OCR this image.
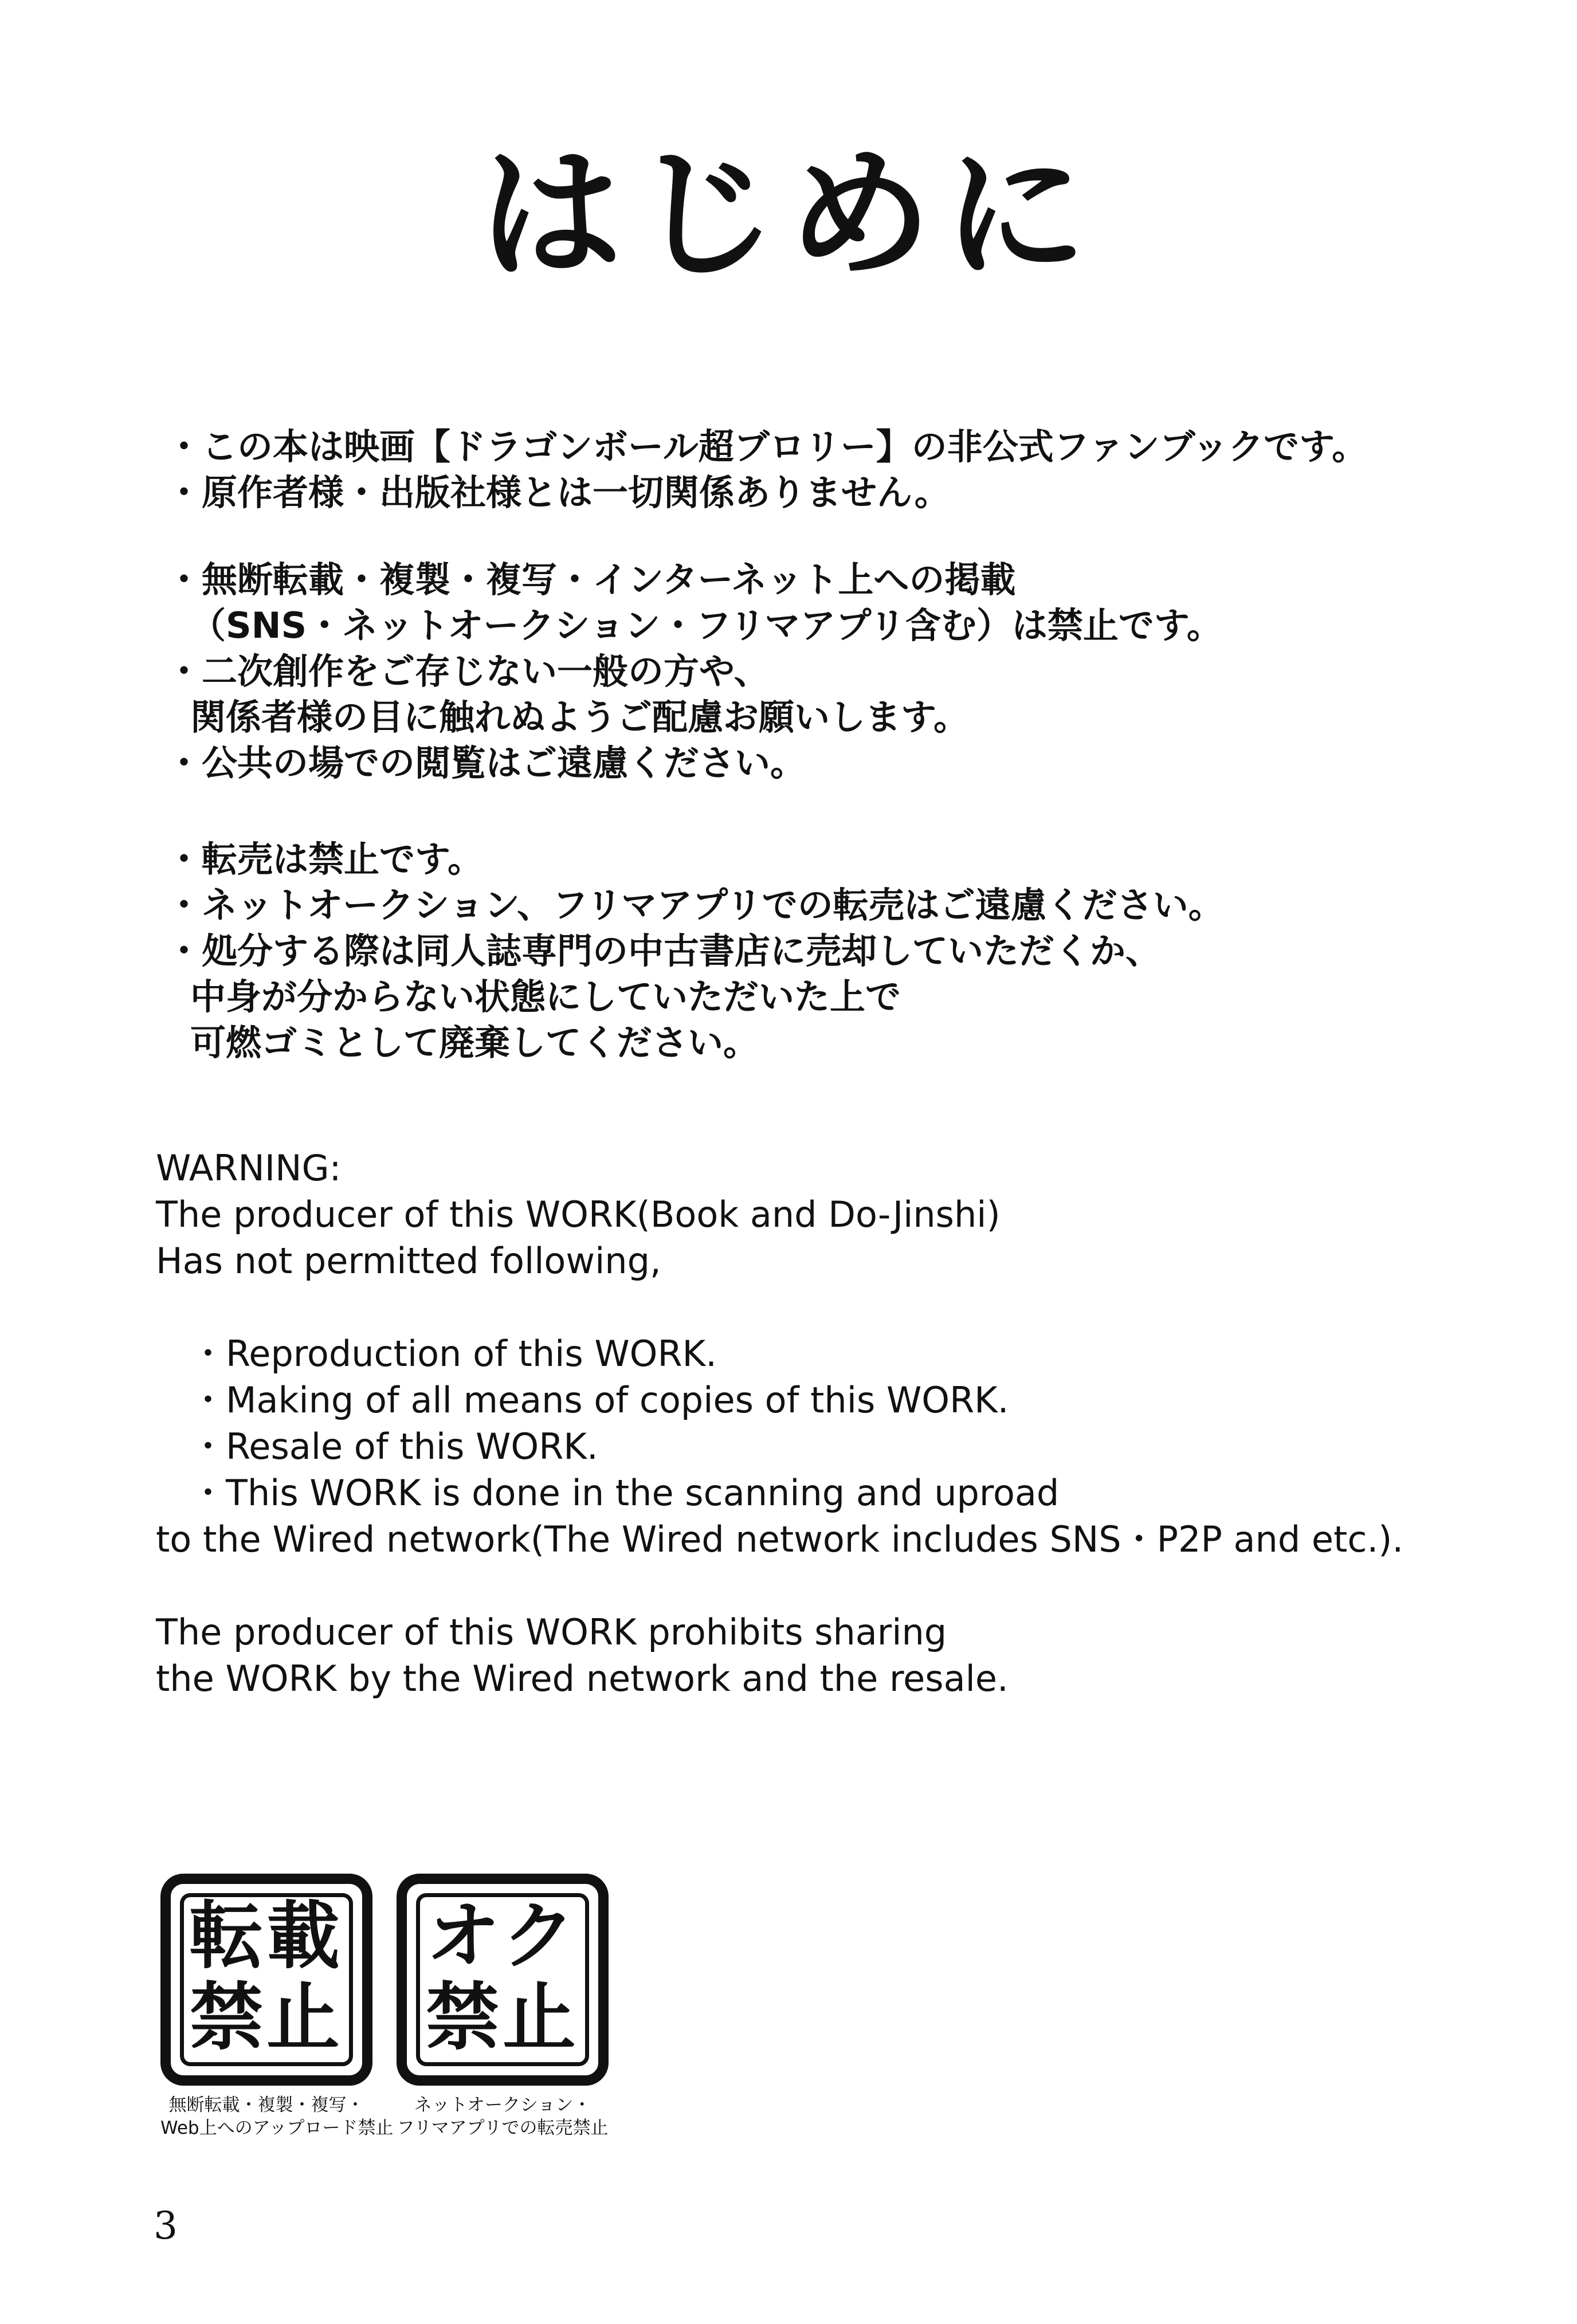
はじめに
・この本は映画【ドラゴンボール超ブロリー】の非公式ファンブックです。
・原作者様・出版社様とは一切関係ありません。
・無断転載・複製・複写・インターネット上への掲載
（SNS・ネットオークション・フリマアプリ含む）は禁止です。
・二次創作をご存じない一般の方や、
関係者様の目に触れぬようご配慮お願いします。
・公共の場での閲覧はご遠慮ください。
・転売は禁止です。
・ネットオークション、フリマアプリでの転売はご遠慮ください。
・処分する際は同人誌専門の中古書店に売却していただくか、
中身が分からない状態にしていただいた上で
可燃ゴミとして廃棄してください。
WARNING:
The producer of this WORK(Book and Do-Jinshi)
Has not permitted following,
・Reproduction of this WORK.
・Making of all means of copies of this WORK.
・Resale of this WORK.
・This WORK is done in the scanning and uproad
to the Wired network(The Wired network includes SNS・P2P and etc.).
The producer of this WORK prohibits sharing
the WORK by the Wired network and the resale.
転載
禁止
無断転載・複製・複写・
Web上へのアップロード禁止
オク
禁止
ネットオークション・
フリマアプリでの転売禁止
3
